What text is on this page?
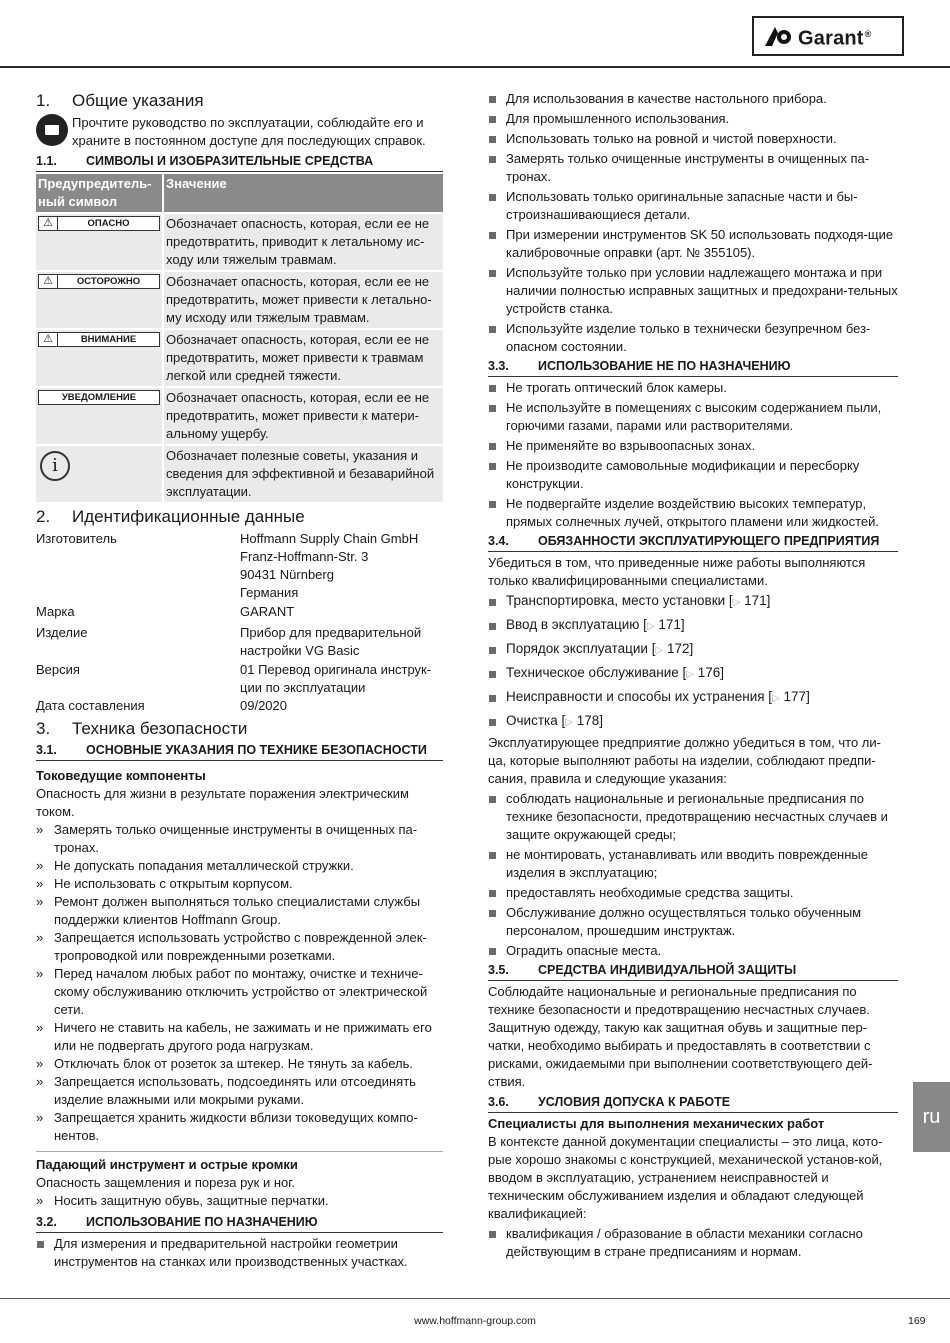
Garant®
1. Общие указания

Прочтите руководство по эксплуатации, соблюдайте его и храните в постоянном доступе для последующих справок.

1.1. СИМВОЛЫ И ИЗОБРАЗИТЕЛЬНЫЕ СРЕДСТВА
Предупредитель-ный символ	Значение

⚠ ОПАСНО	Обозначает опасность, которая, если ее не предотвратить, приводит к летальному ис-ходу или тяжелым травмам.

⚠ ОСТОРОЖНО	Обозначает опасность, которая, если ее не предотвратить, может привести к летально-му исходу или тяжелым травмам.

⚠ ВНИМАНИЕ	Обозначает опасность, которая, если ее не предотвратить, может привести к травмам легкой или средней тяжести.

УВЕДОМЛЕНИЕ	Обозначает опасность, которая, если ее не предотвратить, может привести к матери-альному ущербу.

i	Обозначает полезные советы, указания и сведения для эффективной и безаварийной эксплуатации.
2. Идентификационные данные
Изготовитель	Hoffmann Supply Chain GmbH
Franz-Hoffmann-Str. 3
90431 Nürnberg
Германия

Марка	GARANT
Изделие	Прибор для предварительной
настройки VG Basic

Версия	01 Перевод оригинала инструк-
ции по эксплуатации

Дата составления	09/2020
3. Техника безопасности
3.1. ОСНОВНЫЕ УКАЗАНИЯ ПО ТЕХНИКЕ БЕЗОПАСНОСТИ
Токоведущие компоненты

Опасность для жизни в результате поражения электрическим током.

» Замерять только очищенные инструменты в очищенных па-тронах.
» Не допускать попадания металлической стружки.
» Не использовать с открытым корпусом.
» Ремонт должен выполняться только специалистами службы поддержки клиентов Hoffmann Group.
» Запрещается использовать устройство с поврежденной элек-тропроводкой или поврежденными розетками.
» Перед началом любых работ по монтажу, очистке и техниче-скому обслуживанию отключить устройство от электрической сети.
» Ничего не ставить на кабель, не зажимать и не прижимать его или не подвергать другого рода нагрузкам.
» Отключать блок от розеток за штекер. Не тянуть за кабель.
» Запрещается использовать, подсоединять или отсоединять изделие влажными или мокрыми руками.
» Запрещается хранить жидкости вблизи токоведущих компо-нентов.
Падающий инструмент и острые кромки

Опасность защемления и пореза рук и ног.

» Носить защитную обувь, защитные перчатки.
3.2. ИСПОЛЬЗОВАНИЕ ПО НАЗНАЧЕНИЮ
Для измерения и предварительной настройки геометрии инструментов на станках или производственных участках.
Для использования в качестве настольного прибора.
Для промышленного использования.
Использовать только на ровной и чистой поверхности.
Замерять только очищенные инструменты в очищенных па-тронах.
Использовать только оригинальные запасные части и бы-строизнашивающиеся детали.
При измерении инструментов SK 50 использовать подходя-щие калибровочные оправки (арт. № 355105).
Используйте только при условии надлежащего монтажа и при наличии полностью исправных защитных и предохрани-тельных устройств станка.
Используйте изделие только в технически безупречном без-опасном состоянии.
3.3. ИСПОЛЬЗОВАНИЕ НЕ ПО НАЗНАЧЕНИЮ
Не трогать оптический блок камеры.
Не используйте в помещениях с высоким содержанием пыли, горючими газами, парами или растворителями.
Не применяйте во взрывоопасных зонах.
Не производите самовольные модификации и пересборку конструкции.
Не подвергайте изделие воздействию высоких температур, прямых солнечных лучей, открытого пламени или жидкостей.
3.4. ОБЯЗАННОСТИ ЭКСПЛУАТИРУЮЩЕГО ПРЕДПРИЯТИЯ

Убедиться в том, что приведенные ниже работы выполняются только квалифицированными специалистами.

Транспортировка, место установки [▷ 171]
Ввод в эксплуатацию [▷ 171]
Порядок эксплуатации [▷ 172]
Техническое обслуживание [▷ 176]
Неисправности и способы их устранения [▷ 177]
Очистка [▷ 178]

Эксплуатирующее предприятие должно убедиться в том, что ли-ца, которые выполняют работы на изделии, соблюдают предпи-сания, правила и следующие указания:

соблюдать национальные и региональные предписания по технике безопасности, предотвращению несчастных случаев и защите окружающей среды;
не монтировать, устанавливать или вводить поврежденные изделия в эксплуатацию;
предоставлять необходимые средства защиты.
Обслуживание должно осуществляться только обученным персоналом, прошедшим инструктаж.
Оградить опасные места.
3.5. СРЕДСТВА ИНДИВИДУАЛЬНОЙ ЗАЩИТЫ

Соблюдайте национальные и региональные предписания по технике безопасности и предотвращению несчастных случаев. Защитную одежду, такую как защитная обувь и защитные пер-чатки, необходимо выбирать и предоставлять в соответствии с рисками, ожидаемыми при выполнении соответствующего дей-ствия.

3.6. УСЛОВИЯ ДОПУСКА К РАБОТЕ
Специалисты для выполнения механических работ

В контексте данной документации специалисты – это лица, кото-рые хорошо знакомы с конструкцией, механической установ-кой, вводом в эксплуатацию, устранением неисправностей и техническим обслуживанием изделия и обладают следующей квалификацией:

квалификация / образование в области механики согласно действующим в стране предписаниям и нормам.
ru
www.hoffmann-group.com	169
